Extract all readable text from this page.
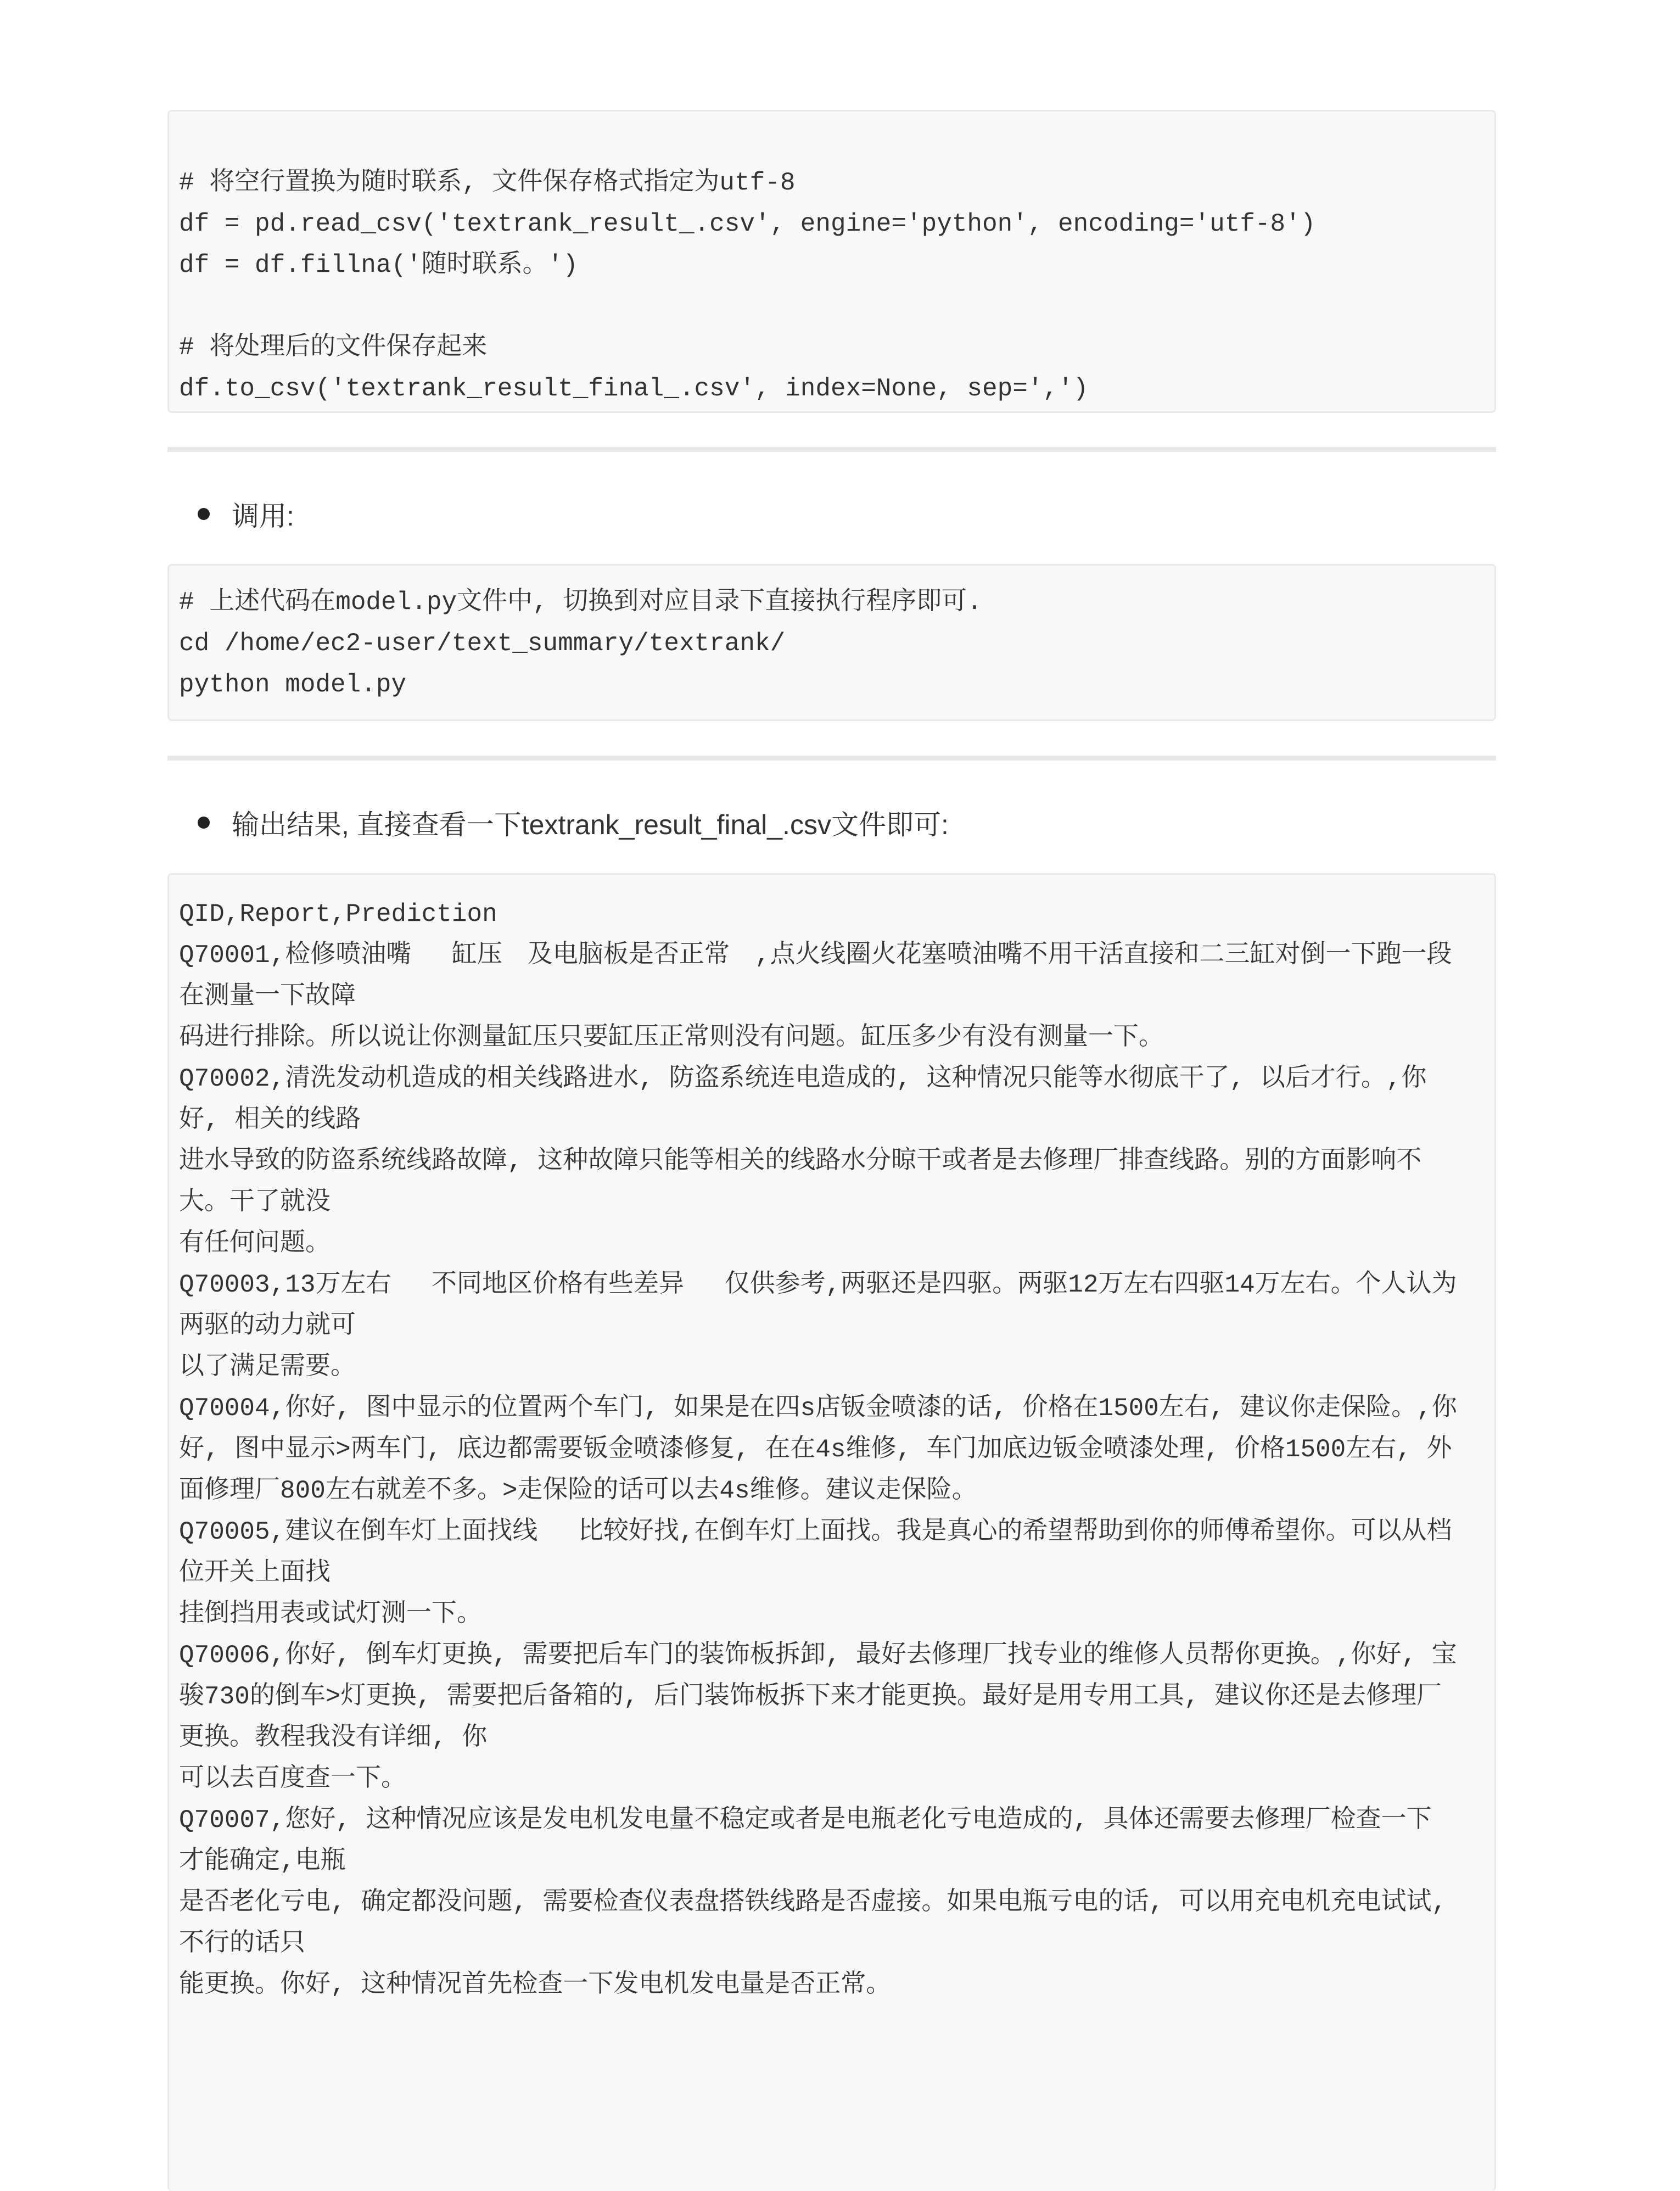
# 将空行置换为随时联系, 文件保存格式指定为utf-8
df = pd.read_csv('textrank_result_.csv', engine='python', encoding='utf-8')
df = df.fillna('随时联系。')
# 将处理后的文件保存起来
df.to_csv('textrank_result_final_.csv', index=None, sep=',')
调用:
# 上述代码在model.py文件中, 切换到对应目录下直接执行程序即可.
cd /home/ec2-user/text_summary/textrank/
python model.py
输出结果, 直接查看一下textrank_result_final_.csv文件即可:
QID,Report,Prediction
Q70001,检修喷油嘴　 缸压　及电脑板是否正常　,点火线圈火花塞喷油嘴不用干活直接和二三缸对倒一下跑一段
在测量一下故障
码进行排除。所以说让你测量缸压只要缸压正常则没有问题。缸压多少有没有测量一下。
Q70002,清洗发动机造成的相关线路进水, 防盗系统连电造成的, 这种情况只能等水彻底干了, 以后才行。,你
好, 相关的线路
进水导致的防盗系统线路故障, 这种故障只能等相关的线路水分晾干或者是去修理厂排查线路。别的方面影响不
大。干了就没
有任何问题。
Q70003,13万左右　 不同地区价格有些差异　 仅供参考,两驱还是四驱。两驱12万左右四驱14万左右。个人认为
两驱的动力就可
以了满足需要。
Q70004,你好, 图中显示的位置两个车门, 如果是在四s店钣金喷漆的话, 价格在1500左右, 建议你走保险。,你
好, 图中显示>两车门, 底边都需要钣金喷漆修复, 在在4s维修, 车门加底边钣金喷漆处理, 价格1500左右, 外
面修理厂800左右就差不多。>走保险的话可以去4s维修。建议走保险。
Q70005,建议在倒车灯上面找线　 比较好找,在倒车灯上面找。我是真心的希望帮助到你的师傅希望你。可以从档
位开关上面找
挂倒挡用表或试灯测一下。
Q70006,你好, 倒车灯更换, 需要把后车门的装饰板拆卸, 最好去修理厂找专业的维修人员帮你更换。,你好, 宝
骏730的倒车>灯更换, 需要把后备箱的, 后门装饰板拆下来才能更换。最好是用专用工具, 建议你还是去修理厂
更换。教程我没有详细, 你
可以去百度查一下。
Q70007,您好, 这种情况应该是发电机发电量不稳定或者是电瓶老化亏电造成的, 具体还需要去修理厂检查一下
才能确定,电瓶
是否老化亏电, 确定都没问题, 需要检查仪表盘搭铁线路是否虚接。如果电瓶亏电的话, 可以用充电机充电试试,
不行的话只
能更换。你好, 这种情况首先检查一下发电机发电量是否正常。
